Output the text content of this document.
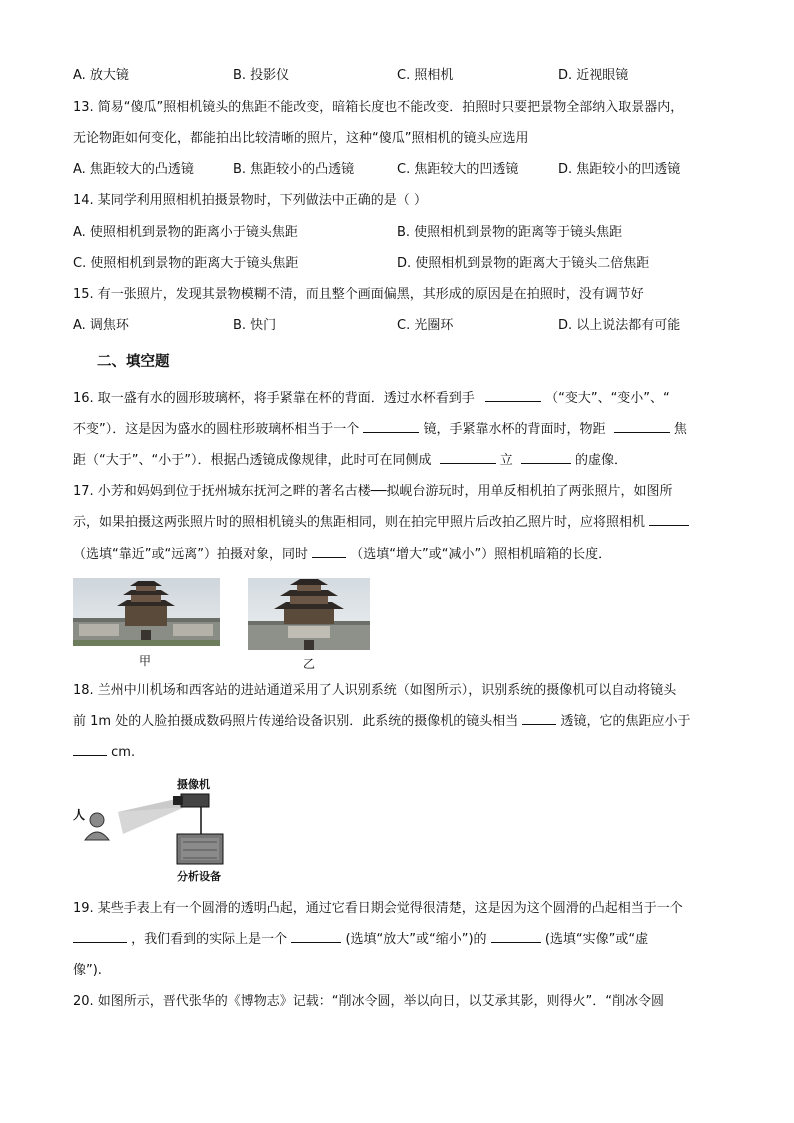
A. 放大镜	B. 投影仪	C. 照相机	D. 近视眼镜
13. 简易“傻瓜”照相机镜头的焦距不能改变，暗箱长度也不能改变．拍照时只要把景物全部纳入取景器内，
无论物距如何变化，都能拍出比较清晰的照片，这种“傻瓜”照相机的镜头应选用
A. 焦距较大的凸透镜	B. 焦距较小的凸透镜	C. 焦距较大的凹透镜	D. 焦距较小的凹透镜
14. 某同学利用照相机拍摄景物时，下列做法中正确的是（ ）
A. 使照相机到景物的距离小于镜头焦距	B. 使照相机到景物的距离等于镜头焦距
C. 使照相机到景物的距离大于镜头焦距	D. 使照相机到景物的距离大于镜头二倍焦距
15. 有一张照片，发现其景物模糊不清，而且整个画面偏黑，其形成的原因是在拍照时，没有调节好
A. 调焦环	B. 快门	C. 光圈环	D. 以上说法都有可能
二、填空题
16. 取一盛有水的圆形玻璃杯，将手紧靠在杯的背面．透过水杯看到手	（“变大”、“变小”、“
不变”）．这是因为盛水的圆柱形玻璃杯相当于一个	镜，手紧靠水杯的背面时，物距	焦
距（“大于”、“小于”）．根据凸透镜成像规律，此时可在同侧成	立	的虚像．
17. 小芳和妈妈到位于抚州城东抚河之畔的著名古楼──拟岘台游玩时，用单反相机拍了两张照片，如图所
示，如果拍摄这两张照片时的照相机镜头的焦距相同，则在拍完甲照片后改拍乙照片时，应将照相机
（选填“靠近”或“远离”）拍摄对象，同时	（选填“增大”或“减小”）照相机暗箱的长度．
甲	乙
18. 兰州中川机场和西客站的进站通道采用了人识别系统（如图所示），识别系统的摄像机可以自动将镜头
前 1m 处的人脸拍摄成数码照片传递给设备识别．此系统的摄像机的镜头相当	透镜，它的焦距应小于
cm.
摄像机
人
分析设备
19. 某些手表上有一个圆滑的透明凸起，通过它看日期会觉得很清楚，这是因为这个圆滑的凸起相当于一个
，我们看到的实际上是一个	(选填“放大”或“缩小”)的	(选填“实像”或“虚
像”).
20. 如图所示，晋代张华的《博物志》记载：“削冰令圆，举以向日，以艾承其影，则得火”．“削冰令圆
